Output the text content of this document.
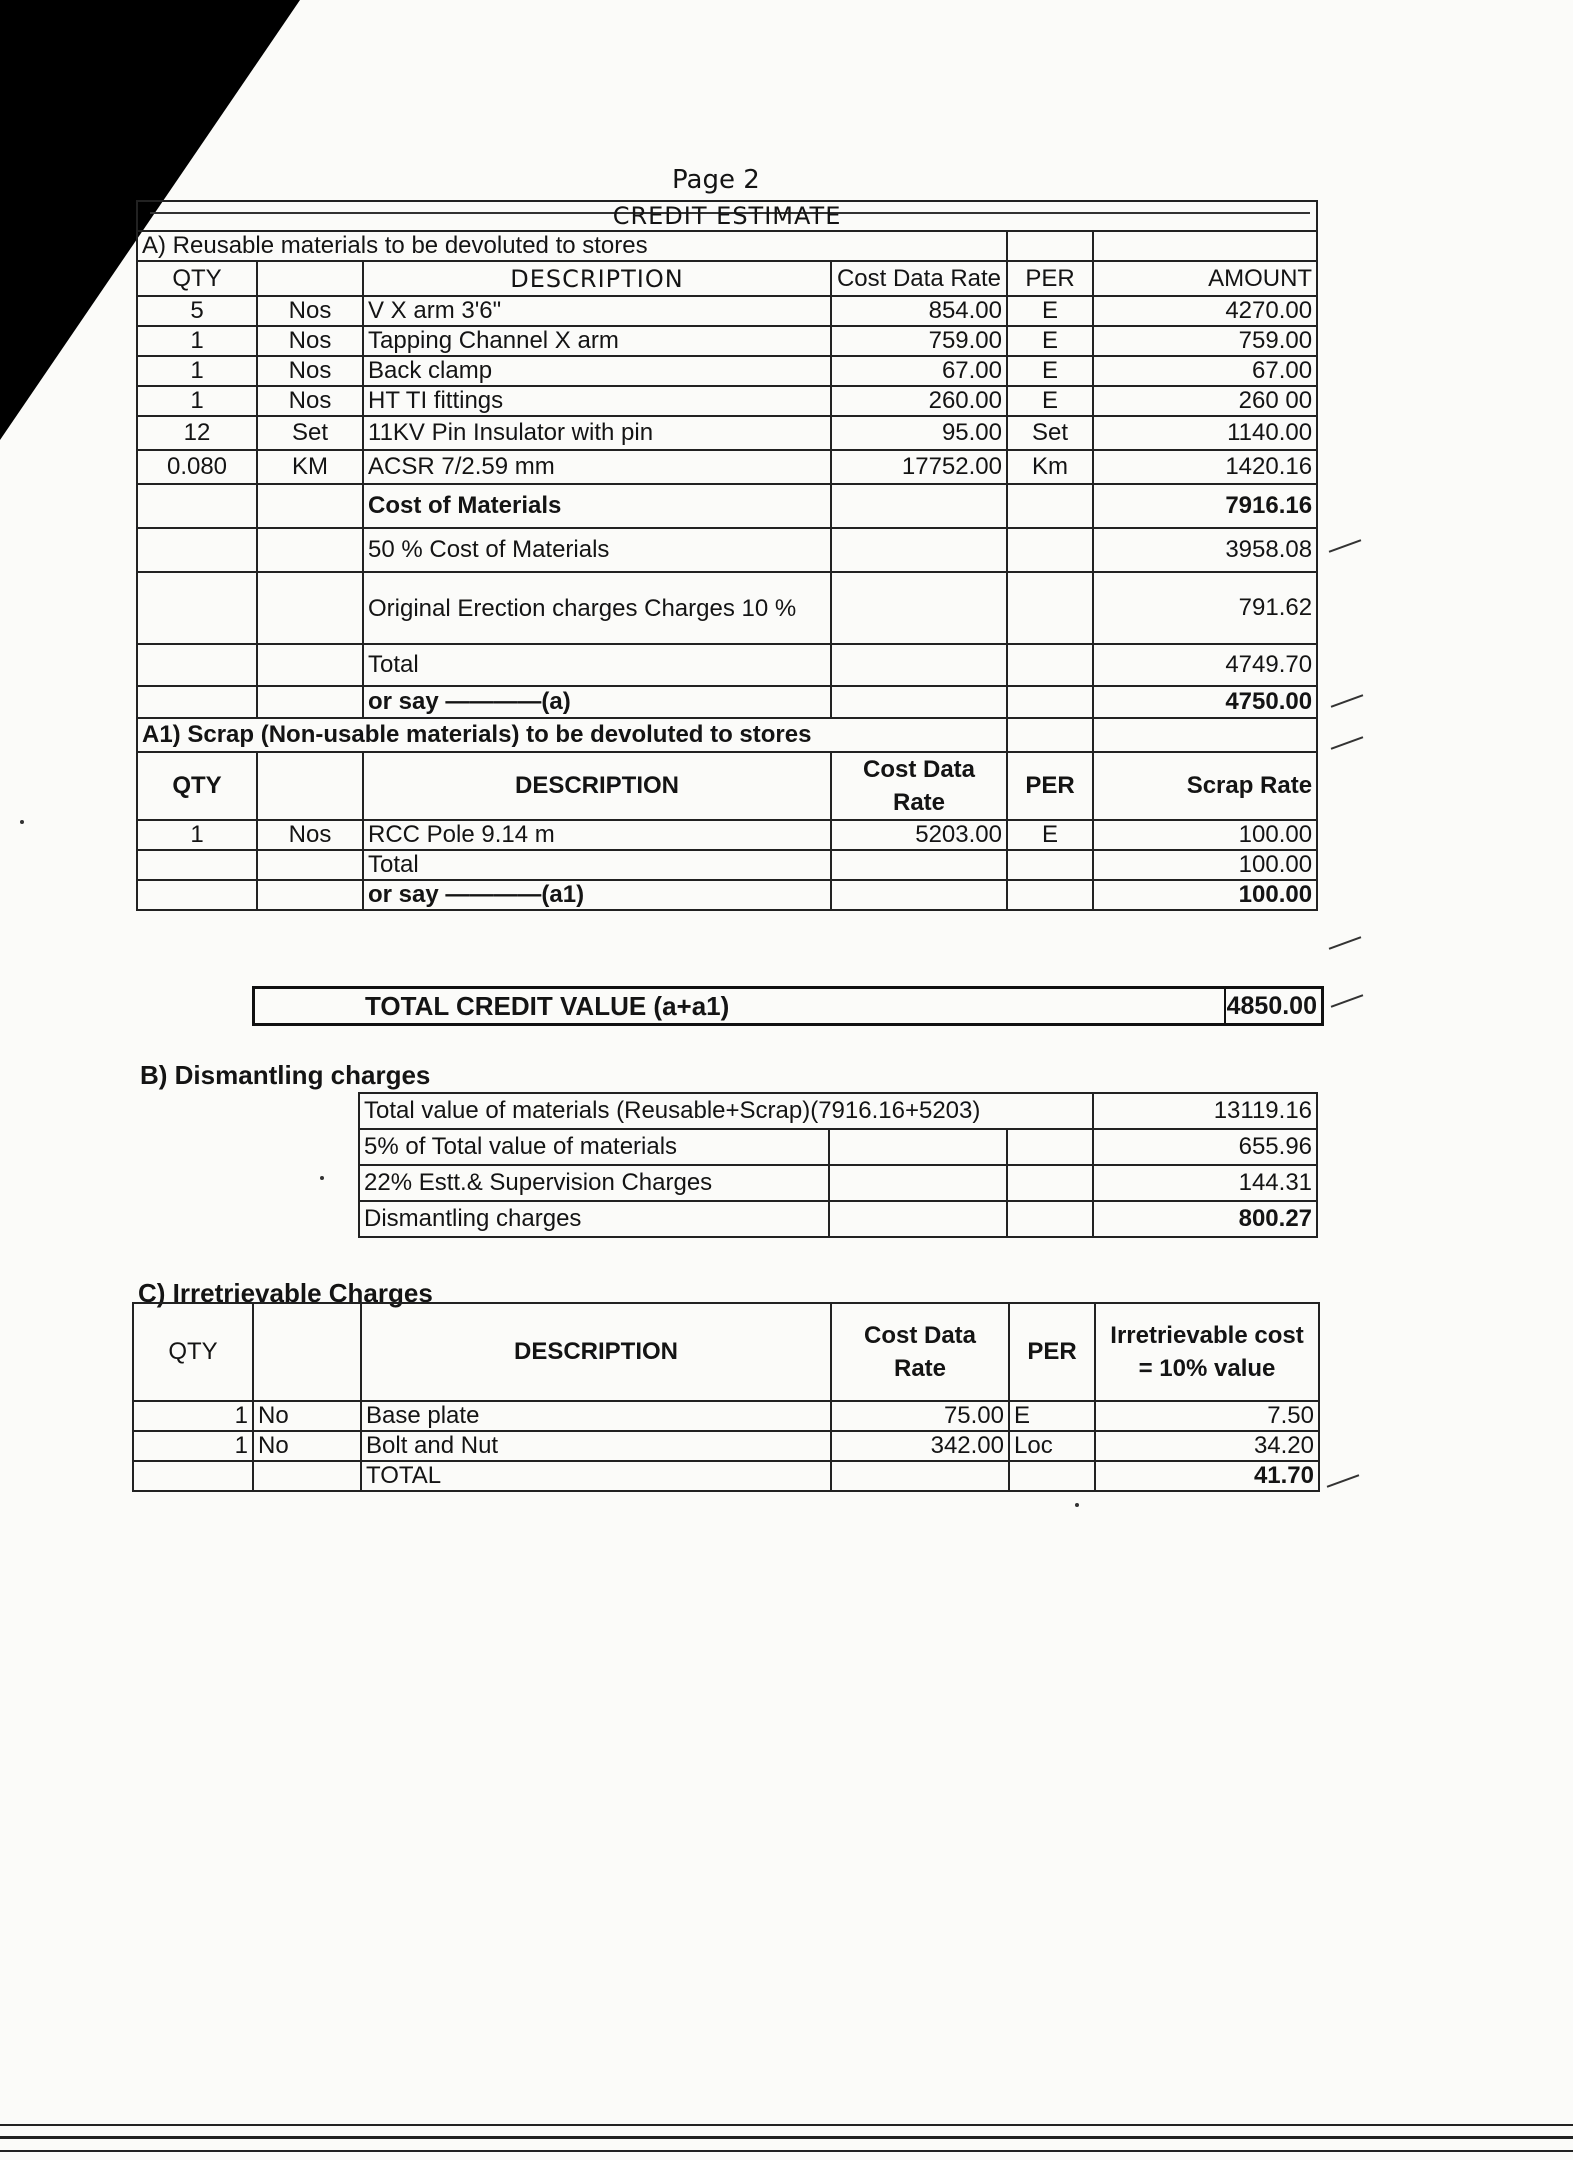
Page 2
CREDIT ESTIMATE					
A) Reusable materials to be devoluted to stores					
QTY		DESCRIPTION	Cost Data Rate	PER	AMOUNT
5	Nos	V X arm 3'6"	854.00	E	4270.00
1	Nos	Tapping Channel X arm	759.00	E	759.00
1	Nos	Back clamp	67.00	E	67.00
1	Nos	HT TI fittings	260.00	E	260 00
12	Set	11KV Pin Insulator with pin	95.00	Set	1140.00
0.080	KM	ACSR 7/2.59 mm	17752.00	Km	1420.16
		Cost of Materials			7916.16
		50 % Cost of Materials			3958.08
		Original Erection charges Charges 10 %			791.62
		Total			4749.70
		or say ————(a)			4750.00
A1) Scrap (Non-usable materials) to be devoluted to stores					
QTY		DESCRIPTION	Cost Data Rate	PER	Scrap Rate
1	Nos	RCC Pole 9.14 m	5203.00	E	100.00
		Total			100.00
		or say ————(a1)			100.00
TOTAL CREDIT VALUE (a+a1)	4850.00
B) Dismantling charges
Total value of materials (Reusable+Scrap)(7916.16+5203)			13119.16
5% of Total value of materials			655.96
22% Estt.& Supervision Charges			144.31
Dismantling charges			800.27
C) Irretrievable Charges
QTY		DESCRIPTION	Cost Data Rate	PER	Irretrievable cost = 10% value
1	No	Base plate	75.00	E	7.50
1	No	Bolt and Nut	342.00	Loc	34.20
		TOTAL			41.70
